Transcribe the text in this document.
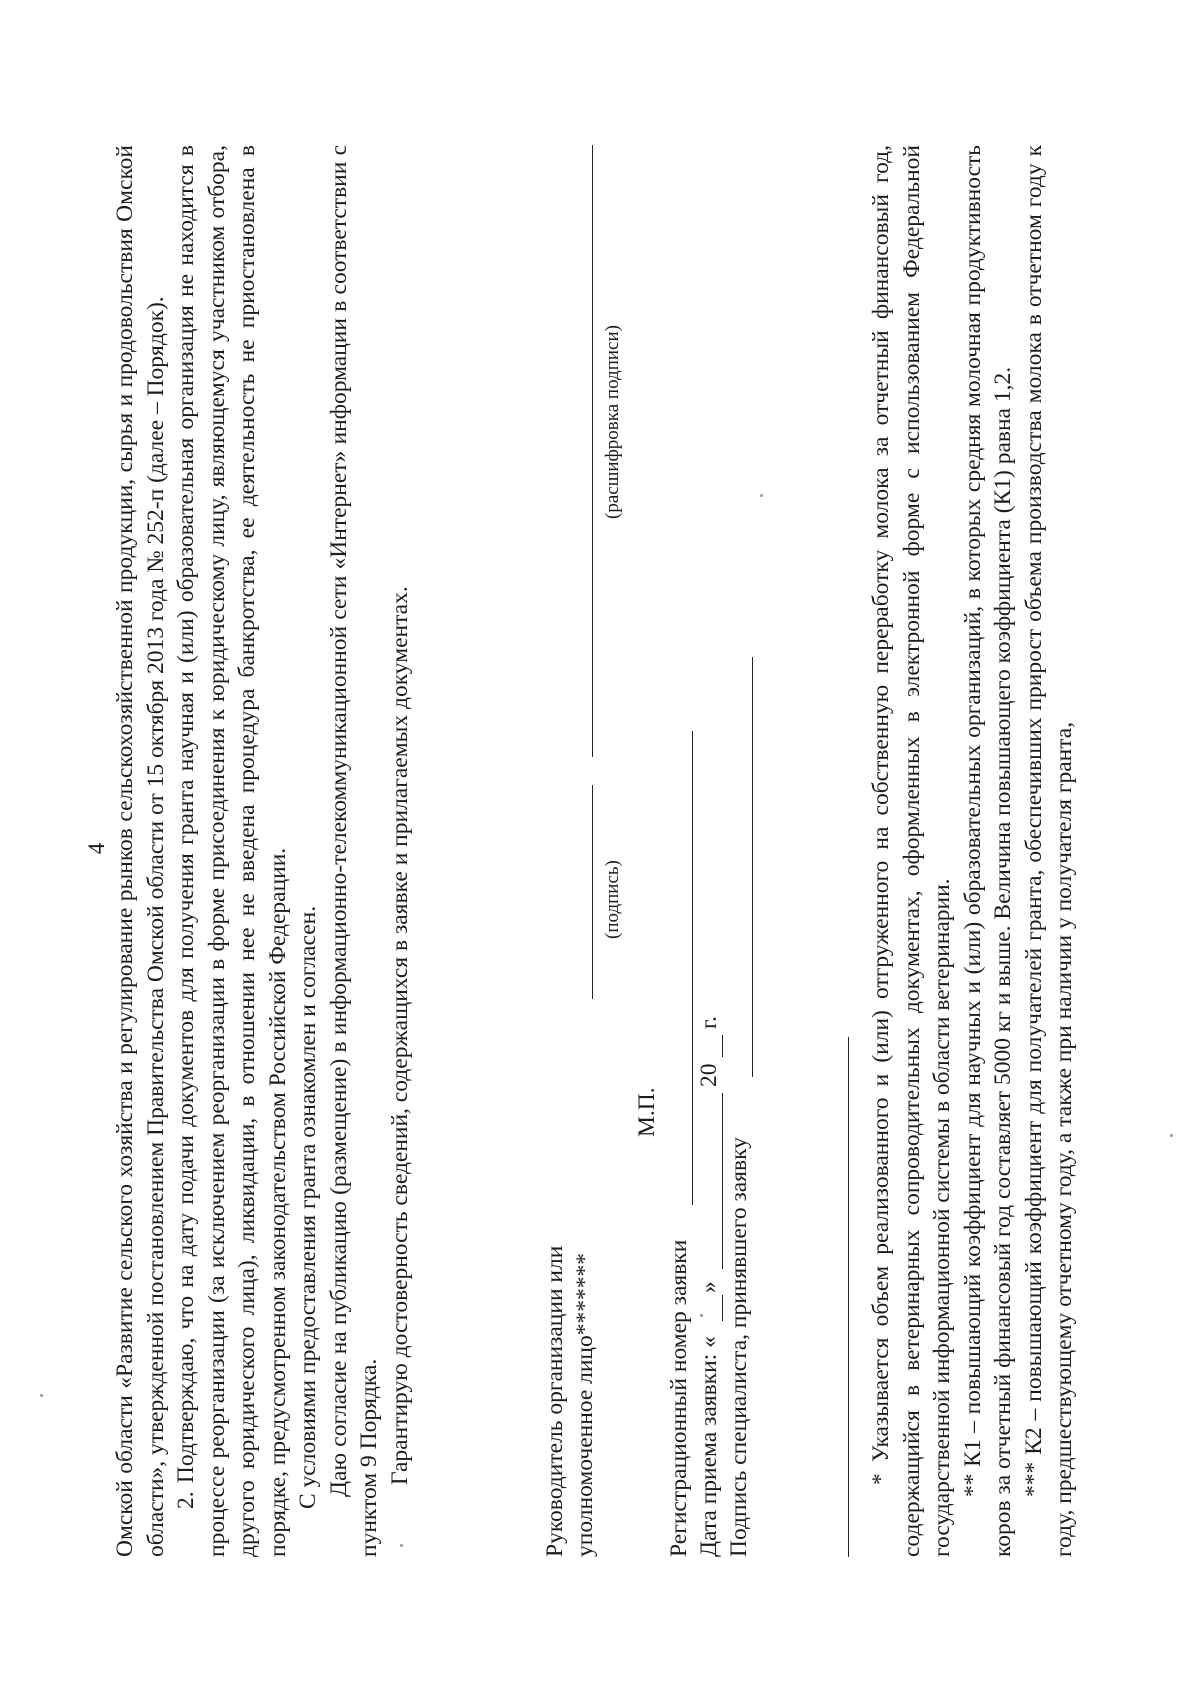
4 Омской области «Развитие сельского хозяйства и регулирование рынков сельскохозяйственной продукции, сырья и продовольствия Омской области», утвержденной постановлением Правительства Омской области от 15 октября 2013 года № 252-п (далее – Порядок). 2. Подтверждаю, что на дату подачи документов для получения гранта научная и (или) образовательная организация не находится в процессе реорганизации (за исключением реорганизации в форме присоединения к юридическому лицу, являющемуся участником отбора, другого юридического лица), ликвидации, в отношении нее не введена процедура банкротства, ее деятельность не приостановлена в порядке, предусмотренном законодательством Российской Федерации. С условиями предоставления гранта ознакомлен и согласен. Даю согласие на публикацию (размещение) в информационно-телекоммуникационной сети «Интернет» информации в соответствии с пунктом 9 Порядка. Гарантирую достоверность сведений, содержащихся в заявке и прилагаемых документах.	Руководитель организации или уполномоченное лицо*******
(подпись)
(расшифровка подписи)
М.П.
Регистрационный номер заявки Дата приема заявки: «
»
20
г.
Подпись специалиста, принявшего заявку	* Указывается объем реализованного и (или) отгруженного на собственную переработку молока за отчетный финансовый год, содержащийся в ветеринарных сопроводительных документах, оформленных в электронной форме с использованием Федеральной государственной информационной системы в области ветеринарии. ** К1 – повышающий коэффициент для научных и (или) образовательных организаций, в которых средняя молочная продуктивность коров за отчетный финансовый год составляет 5000 кг и выше. Величина повышающего коэффициента (К1) равна 1,2. *** К2 – повышающий коэффициент для получателей гранта, обеспечивших прирост объема производства молока в отчетном году к году, предшествующему отчетному году, а также при наличии у получателя гранта,
